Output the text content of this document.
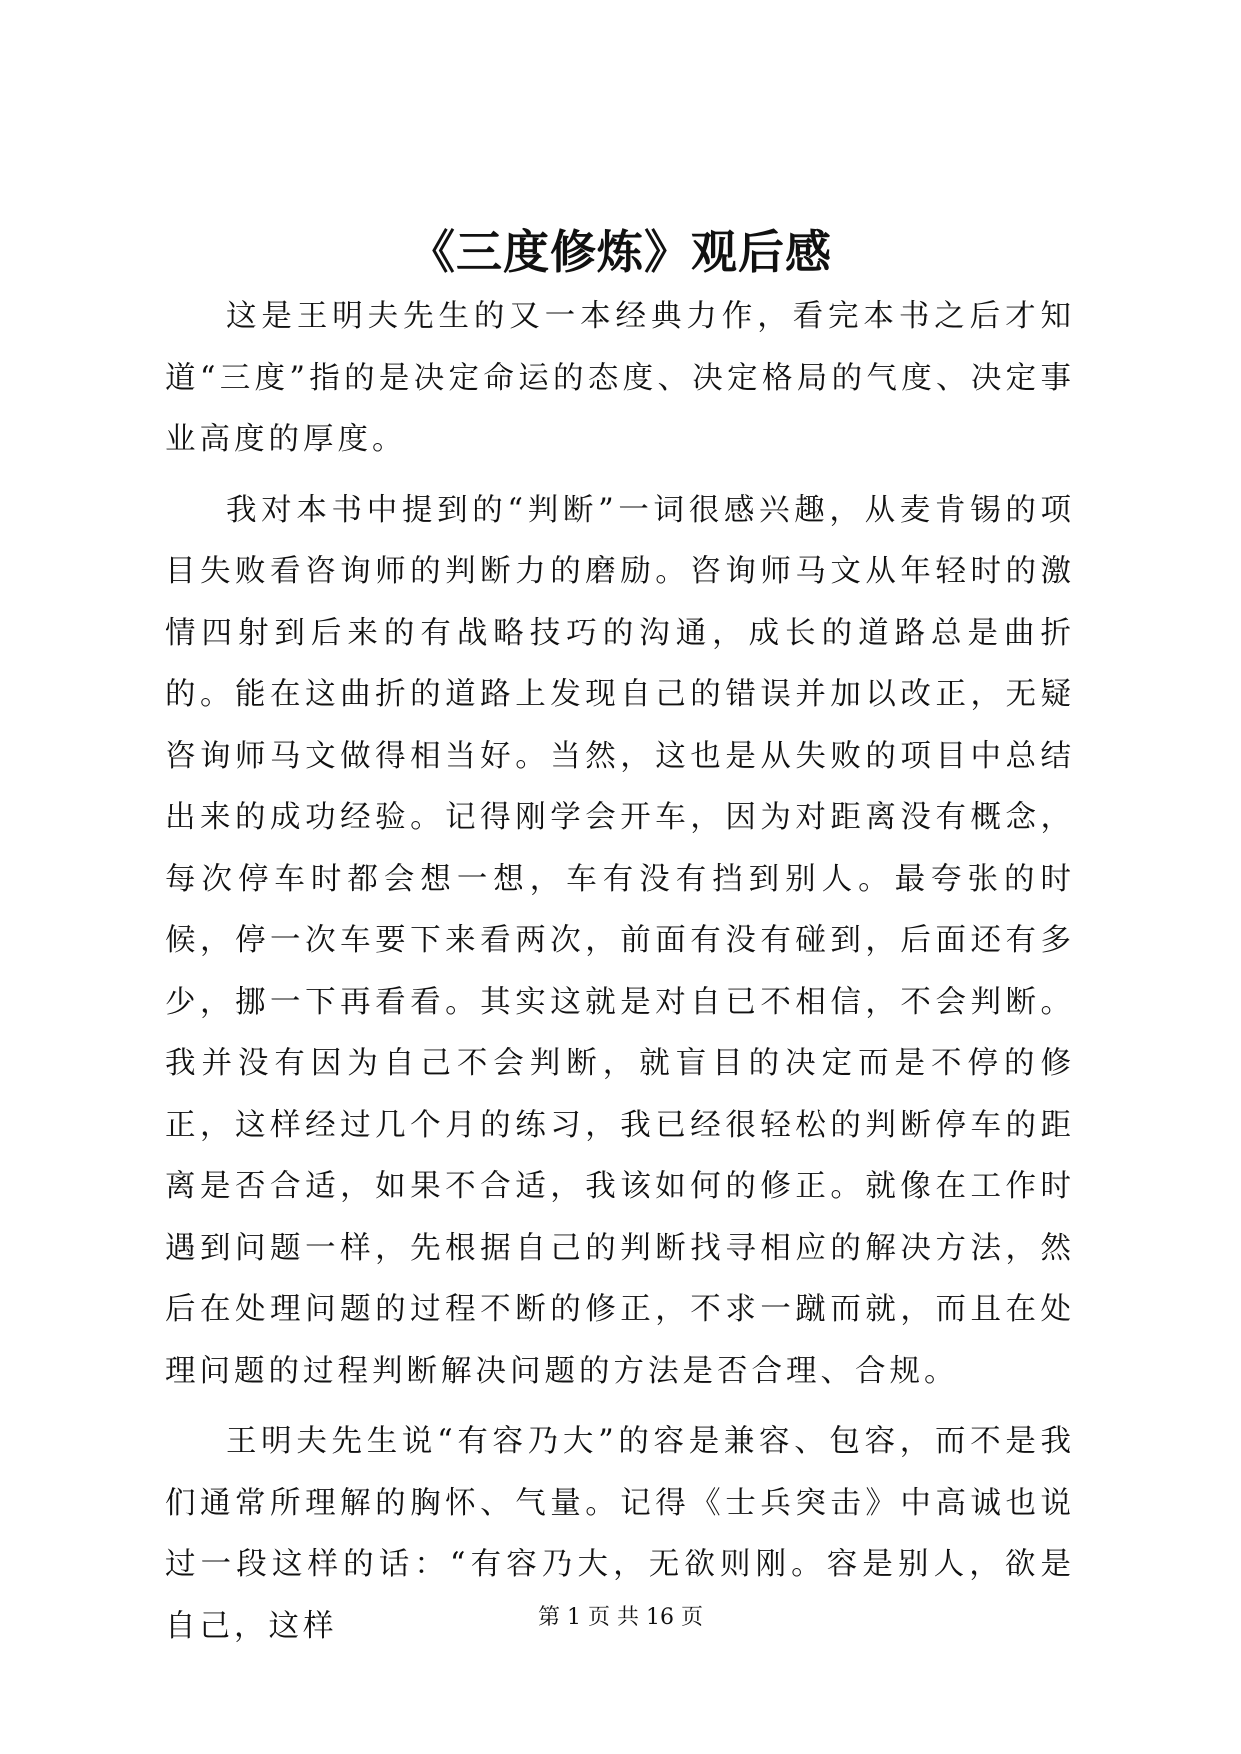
《三度修炼》观后感

这是王明夫先生的又一本经典力作，看完本书之后才知道“三度”指的是决定命运的态度、决定格局的气度、决定事业高度的厚度。

我对本书中提到的“判断”一词很感兴趣，从麦肯锡的项目失败看咨询师的判断力的磨励。咨询师马文从年轻时的激情四射到后来的有战略技巧的沟通，成长的道路总是曲折的。能在这曲折的道路上发现自己的错误并加以改正，无疑咨询师马文做得相当好。当然，这也是从失败的项目中总结出来的成功经验。记得刚学会开车，因为对距离没有概念，每次停车时都会想一想，车有没有挡到别人。最夸张的时候，停一次车要下来看两次，前面有没有碰到，后面还有多少，挪一下再看看。其实这就是对自已不相信，不会判断。我并没有因为自己不会判断，就盲目的决定而是不停的修正，这样经过几个月的练习，我已经很轻松的判断停车的距离是否合适，如果不合适，我该如何的修正。就像在工作时遇到问题一样，先根据自己的判断找寻相应的解决方法，然后在处理问题的过程不断的修正，不求一蹴而就，而且在处理问题的过程判断解决问题的方法是否合理、合规。

王明夫先生说“有容乃大”的容是兼容、包容，而不是我们通常所理解的胸怀、气量。记得《士兵突击》中高诚也说过一段这样的话：“有容乃大，无欲则刚。容是别人，欲是自己，这样	第 1 页 共 16 页
